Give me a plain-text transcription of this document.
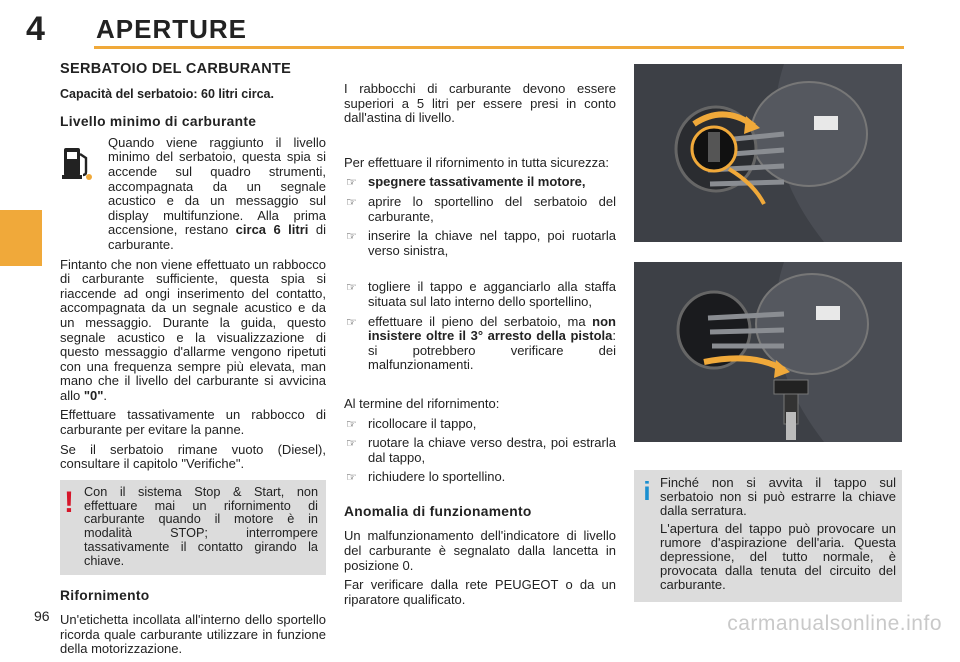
4 APERTURE
SERBATOIO DEL CARBURANTE
Capacità del serbatoio: 60 litri circa.
Livello minimo di carburante

Quando viene raggiunto il livello minimo del serbatoio, questa spia si accende sul quadro strumenti, accompagnata da un segnale acustico e da un messaggio sul display multifunzione. Alla prima accensione, restano circa 6 litri di carburante.

Fintanto che non viene effettuato un rabbocco di carburante sufficiente, questa spia si riaccende ad ongi inserimento del contatto, accompagnata da un segnale acustico e da un messaggio. Durante la guida, questo segnale acustico e la visualizzazione di questo messaggio d'allarme vengono ripetuti con una frequenza sempre più elevata, man mano che il livello del carburante si avvicina allo "0".

Effettuare tassativamente un rabbocco di carburante per evitare la panne.

Se il serbatoio rimane vuoto (Diesel), consultare il capitolo "Verifiche".

! Con il sistema Stop & Start, non effettuare mai un rifornimento di carburante quando il motore è in modalità STOP; interrompere tassativamente il contatto girando la chiave.

Rifornimento

Un'etichetta incollata all'interno dello sportello ricorda quale carburante utilizzare in funzione della motorizzazione.

I rabbocchi di carburante devono essere superiori a 5 litri per essere presi in conto dall'astina di livello.

Per effettuare il rifornimento in tutta sicurezza:

☞ spegnere tassativamente il motore,
☞ aprire lo sportellino del serbatoio del carburante,
☞ inserire la chiave nel tappo, poi ruotarla verso sinistra,
☞ togliere il tappo e agganciarlo alla staffa situata sul lato interno dello sportellino,
☞ effettuare il pieno del serbatoio, ma non insistere oltre il 3° arresto della pistola: si potrebbero verificare dei malfunzionamenti.

Al termine del rifornimento:

☞ ricollocare il tappo,
☞ ruotare la chiave verso destra, poi estrarla dal tappo,
☞ richiudere lo sportellino.
Anomalia di funzionamento

Un malfunzionamento dell'indicatore di livello del carburante è segnalato dalla lancetta in posizione 0.

Far verificare dalla rete PEUGEOT o da un riparatore qualificato.

i Finché non si avvita il tappo sul serbatoio non si può estrarre la chiave dalla serratura.

L'apertura del tappo può provocare un rumore d'aspirazione dell'aria. Questa depressione, del tutto normale, è provocata dalla tenuta del circuito del carburante.

96	carmanualsonline.info
